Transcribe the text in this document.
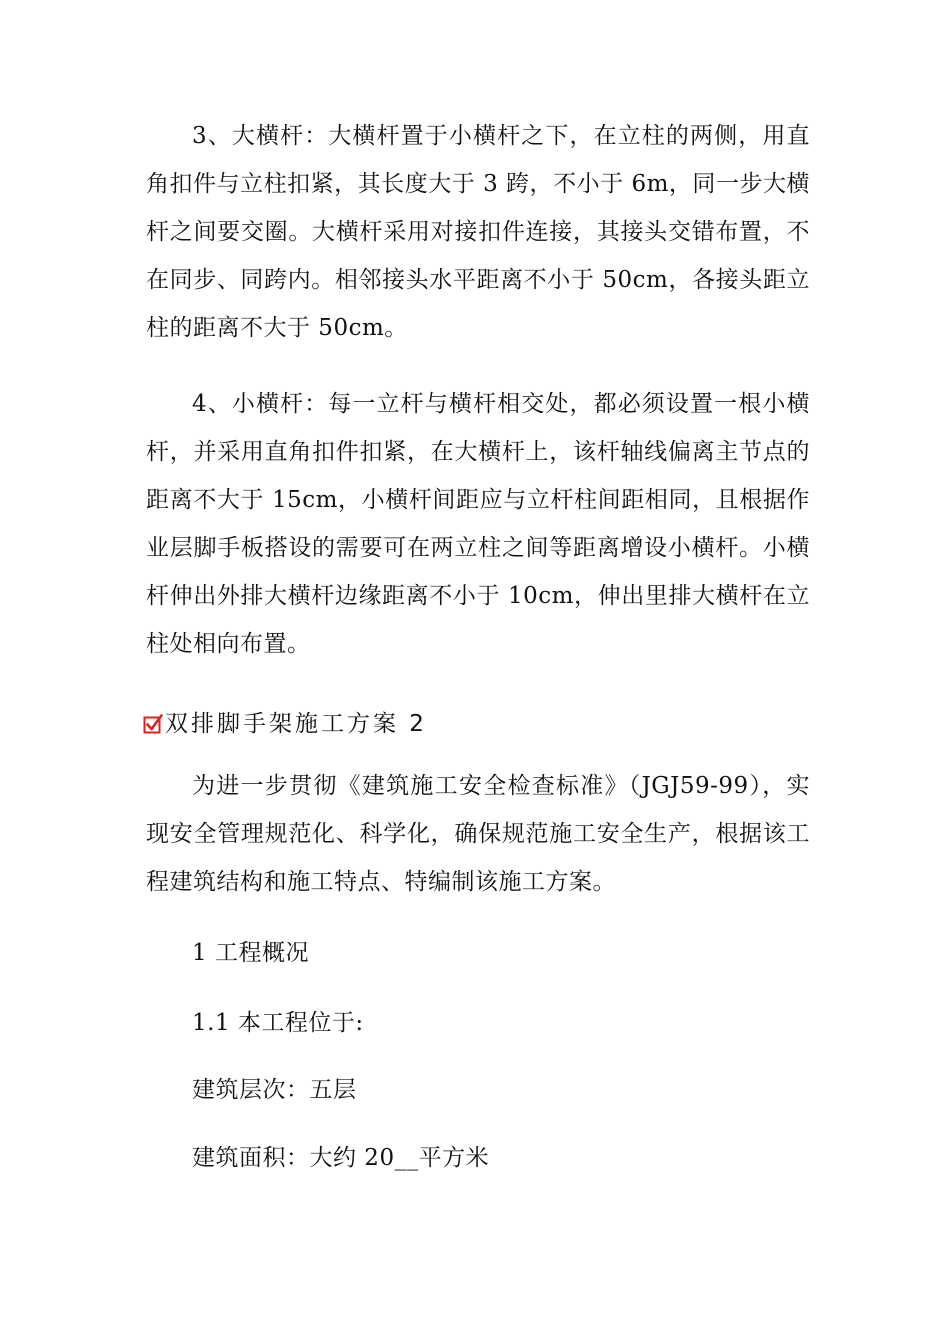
3、大横杆：大横杆置于小横杆之下，在立柱的两侧，用直角扣件与立柱扣紧，其长度大于 3 跨，不小于 6m，同一步大横杆之间要交圈。大横杆采用对接扣件连接，其接头交错布置，不在同步、同跨内。相邻接头水平距离不小于 50cm，各接头距立柱的距离不大于 50cm。

4、小横杆：每一立杆与横杆相交处，都必须设置一根小横杆，并采用直角扣件扣紧，在大横杆上，该杆轴线偏离主节点的距离不大于 15cm，小横杆间距应与立杆柱间距相同，且根据作业层脚手板搭设的需要可在两立柱之间等距离增设小横杆。小横杆伸出外排大横杆边缘距离不小于 10cm，伸出里排大横杆在立柱处相向布置。

双排脚手架施工方案 2

为进一步贯彻《建筑施工安全检查标准》（JGJ59-99），实现安全管理规范化、科学化，确保规范施工安全生产，根据该工程建筑结构和施工特点、特编制该施工方案。

1 工程概况

1.1 本工程位于:

建筑层次：五层

建筑面积：大约 20__平方米
